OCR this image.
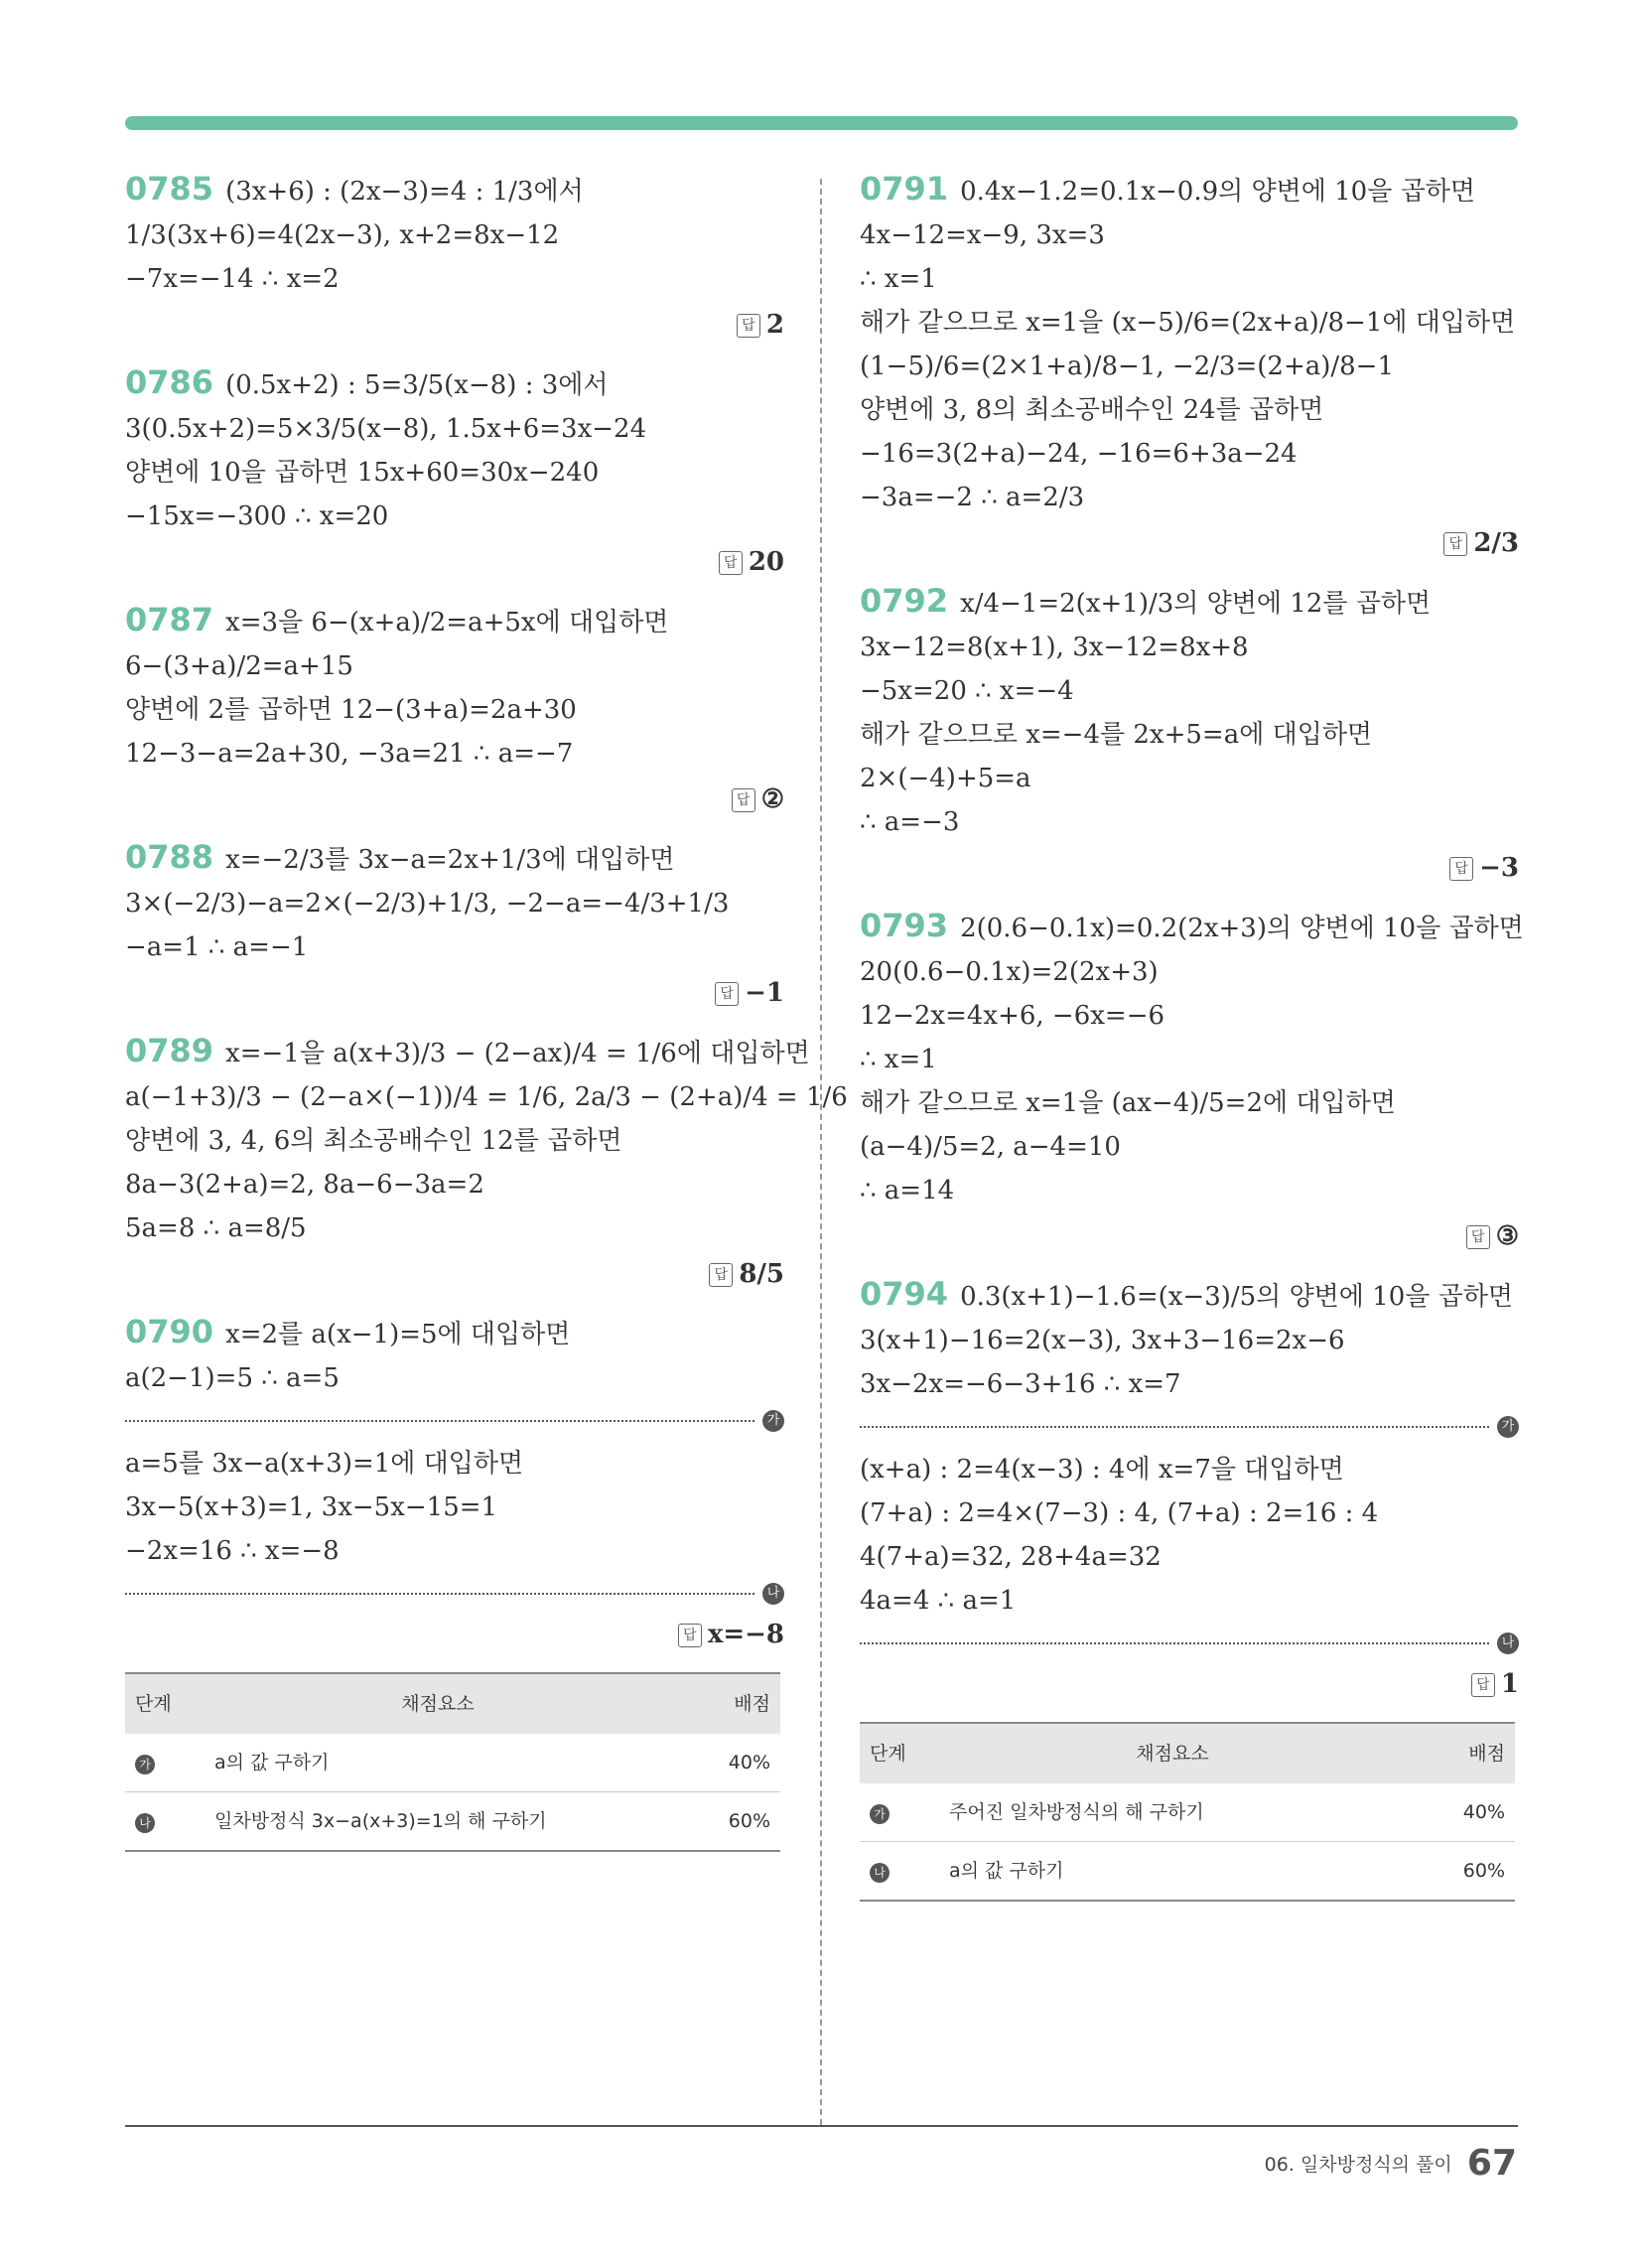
0785 (3x+6) : (2x−3)=4 : 1/3에서
1/3(3x+6)=4(2x−3), x+2=8x−12
−7x=−14 ∴ x=2
답 2
0786 (0.5x+2) : 5=3/5(x−8) : 3에서
3(0.5x+2)=5×3/5(x−8), 1.5x+6=3x−24
양변에 10을 곱하면 15x+60=30x−240
−15x=−300 ∴ x=20
답 20
0787 x=3을 6−(x+a)/2=a+5x에 대입하면
6−(3+a)/2=a+15
양변에 2를 곱하면 12−(3+a)=2a+30
12−3−a=2a+30, −3a=21 ∴ a=−7
답 ②
0788 x=−2/3를 3x−a=2x+1/3에 대입하면
3×(−2/3)−a=2×(−2/3)+1/3, −2−a=−4/3+1/3
−a=1 ∴ a=−1
답 −1
0789 x=−1을 a(x+3)/3 − (2−ax)/4 = 1/6에 대입하면
a(−1+3)/3 − (2−a×(−1))/4 = 1/6, 2a/3 − (2+a)/4 = 1/6
양변에 3, 4, 6의 최소공배수인 12를 곱하면
8a−3(2+a)=2, 8a−6−3a=2
5a=8 ∴ a=8/5
답 8/5
0790 x=2를 a(x−1)=5에 대입하면
a(2−1)=5 ∴ a=5
가
a=5를 3x−a(x+3)=1에 대입하면
3x−5(x+3)=1, 3x−5x−15=1
−2x=16 ∴ x=−8
나
답 x=−8
단계	채점요소	배점
가	a의 값 구하기	40%
나	일차방정식 3x−a(x+3)=1의 해 구하기	60%
0791 0.4x−1.2=0.1x−0.9의 양변에 10을 곱하면
4x−12=x−9, 3x=3
∴ x=1
해가 같으므로 x=1을 (x−5)/6=(2x+a)/8−1에 대입하면
(1−5)/6=(2×1+a)/8−1, −2/3=(2+a)/8−1
양변에 3, 8의 최소공배수인 24를 곱하면
−16=3(2+a)−24, −16=6+3a−24
−3a=−2 ∴ a=2/3
답 2/3
0792 x/4−1=2(x+1)/3의 양변에 12를 곱하면
3x−12=8(x+1), 3x−12=8x+8
−5x=20 ∴ x=−4
해가 같으므로 x=−4를 2x+5=a에 대입하면
2×(−4)+5=a
∴ a=−3
답 −3
0793 2(0.6−0.1x)=0.2(2x+3)의 양변에 10을 곱하면
20(0.6−0.1x)=2(2x+3)
12−2x=4x+6, −6x=−6
∴ x=1
해가 같으므로 x=1을 (ax−4)/5=2에 대입하면
(a−4)/5=2, a−4=10
∴ a=14
답 ③
0794 0.3(x+1)−1.6=(x−3)/5의 양변에 10을 곱하면
3(x+1)−16=2(x−3), 3x+3−16=2x−6
3x−2x=−6−3+16 ∴ x=7
가
(x+a) : 2=4(x−3) : 4에 x=7을 대입하면
(7+a) : 2=4×(7−3) : 4, (7+a) : 2=16 : 4
4(7+a)=32, 28+4a=32
4a=4 ∴ a=1
나
답 1
단계	채점요소	배점
가	주어진 일차방정식의 해 구하기	40%
나	a의 값 구하기	60%
06. 일차방정식의 풀이 67
